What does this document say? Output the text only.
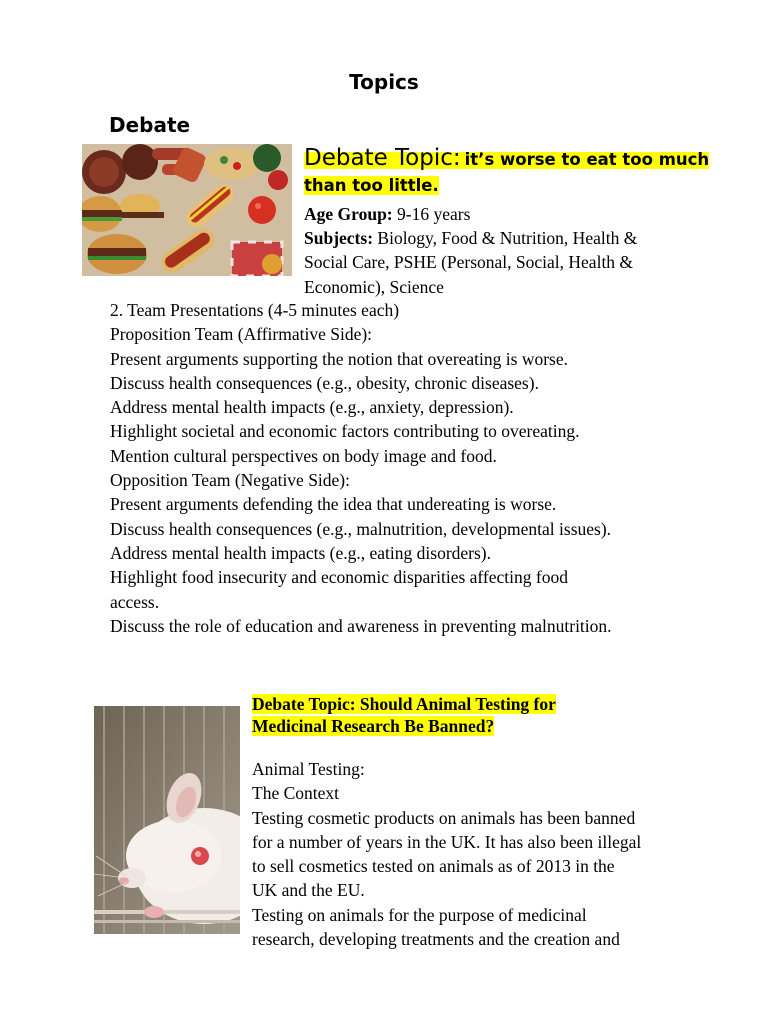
Topics
Debate
Debate Topic: it’s worse to eat too much
than too little.
Age Group: 9-16 years
Subjects: Biology, Food & Nutrition, Health &
Social Care, PSHE (Personal, Social, Health &
Economic), Science
2. Team Presentations (4-5 minutes each)
Proposition Team (Affirmative Side):
Present arguments supporting the notion that overeating is worse.
Discuss health consequences (e.g., obesity, chronic diseases).
Address mental health impacts (e.g., anxiety, depression).
Highlight societal and economic factors contributing to overeating.
Mention cultural perspectives on body image and food.
Opposition Team (Negative Side):
Present arguments defending the idea that undereating is worse.
Discuss health consequences (e.g., malnutrition, developmental issues).
Address mental health impacts (e.g., eating disorders).
Highlight food insecurity and economic disparities affecting food
access.
Discuss the role of education and awareness in preventing malnutrition.
Debate Topic: Should Animal Testing for
Medicinal Research Be Banned?
Animal Testing:
The Context
Testing cosmetic products on animals has been banned
for a number of years in the UK. It has also been illegal
to sell cosmetics tested on animals as of 2013 in the
UK and the EU.
Testing on animals for the purpose of medicinal
research, developing treatments and the creation and
